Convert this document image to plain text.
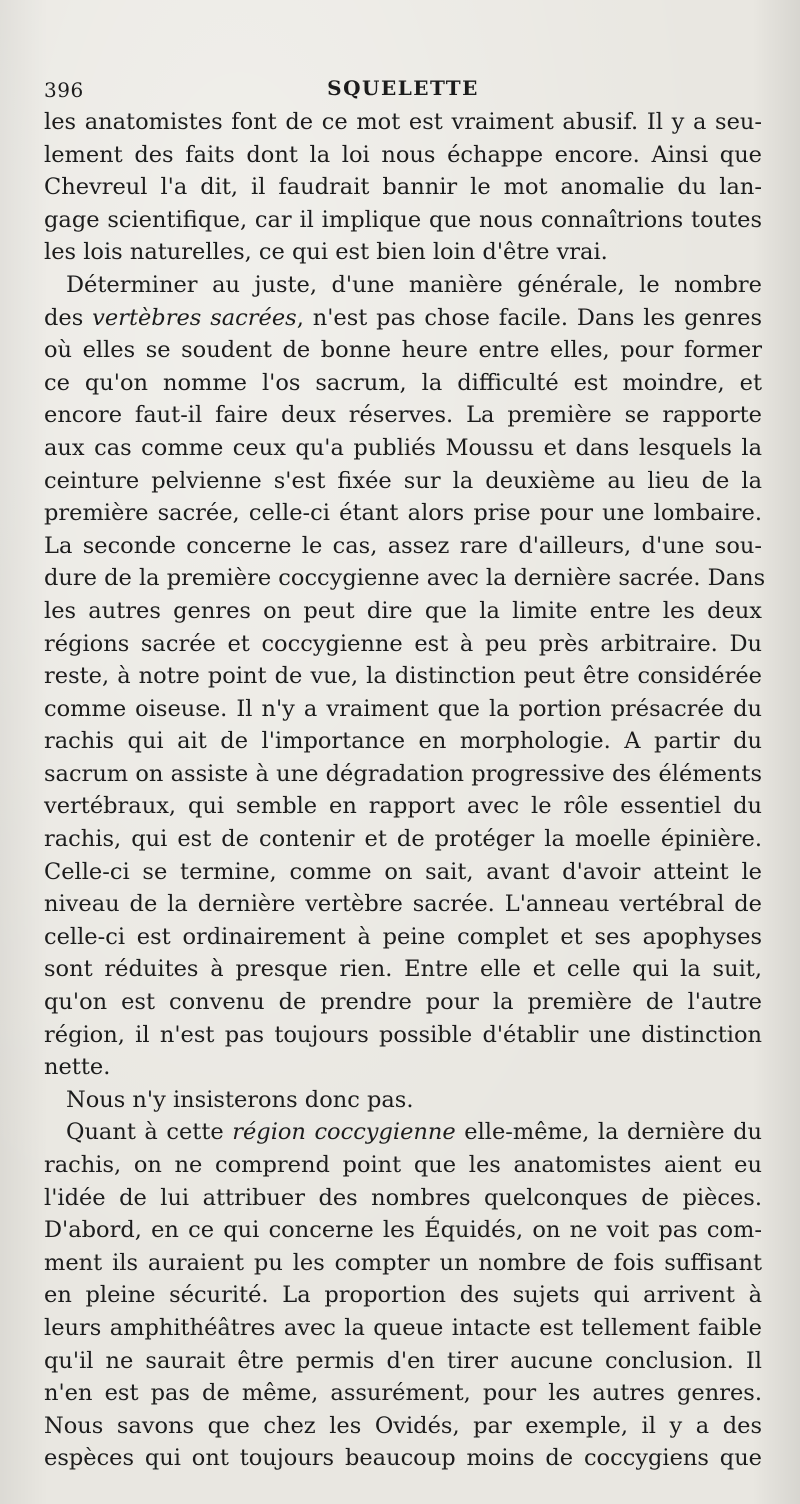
396	SQUELETTE
les anatomistes font de ce mot est vraiment abusif. Il y a seu-
lement des faits dont la loi nous échappe encore. Ainsi que
Chevreul l'a dit, il faudrait bannir le mot anomalie du lan-
gage scientifique, car il implique que nous connaîtrions toutes
les lois naturelles, ce qui est bien loin d'être vrai.
Déterminer au juste, d'une manière générale, le nombre
des vertèbres sacrées, n'est pas chose facile. Dans les genres
où elles se soudent de bonne heure entre elles, pour former
ce qu'on nomme l'os sacrum, la difficulté est moindre, et
encore faut-il faire deux réserves. La première se rapporte
aux cas comme ceux qu'a publiés Moussu et dans lesquels la
ceinture pelvienne s'est fixée sur la deuxième au lieu de la
première sacrée, celle-ci étant alors prise pour une lombaire.
La seconde concerne le cas, assez rare d'ailleurs, d'une sou-
dure de la première coccygienne avec la dernière sacrée. Dans
les autres genres on peut dire que la limite entre les deux
régions sacrée et coccygienne est à peu près arbitraire. Du
reste, à notre point de vue, la distinction peut être considérée
comme oiseuse. Il n'y a vraiment que la portion présacrée du
rachis qui ait de l'importance en morphologie. A partir du
sacrum on assiste à une dégradation progressive des éléments
vertébraux, qui semble en rapport avec le rôle essentiel du
rachis, qui est de contenir et de protéger la moelle épinière.
Celle-ci se termine, comme on sait, avant d'avoir atteint le
niveau de la dernière vertèbre sacrée. L'anneau vertébral de
celle-ci est ordinairement à peine complet et ses apophyses
sont réduites à presque rien. Entre elle et celle qui la suit,
qu'on est convenu de prendre pour la première de l'autre
région, il n'est pas toujours possible d'établir une distinction
nette.
Nous n'y insisterons donc pas.
Quant à cette région coccygienne elle-même, la dernière du
rachis, on ne comprend point que les anatomistes aient eu
l'idée de lui attribuer des nombres quelconques de pièces.
D'abord, en ce qui concerne les Équidés, on ne voit pas com-
ment ils auraient pu les compter un nombre de fois suffisant
en pleine sécurité. La proportion des sujets qui arrivent à
leurs amphithéâtres avec la queue intacte est tellement faible
qu'il ne saurait être permis d'en tirer aucune conclusion. Il
n'en est pas de même, assurément, pour les autres genres.
Nous savons que chez les Ovidés, par exemple, il y a des
espèces qui ont toujours beaucoup moins de coccygiens que
